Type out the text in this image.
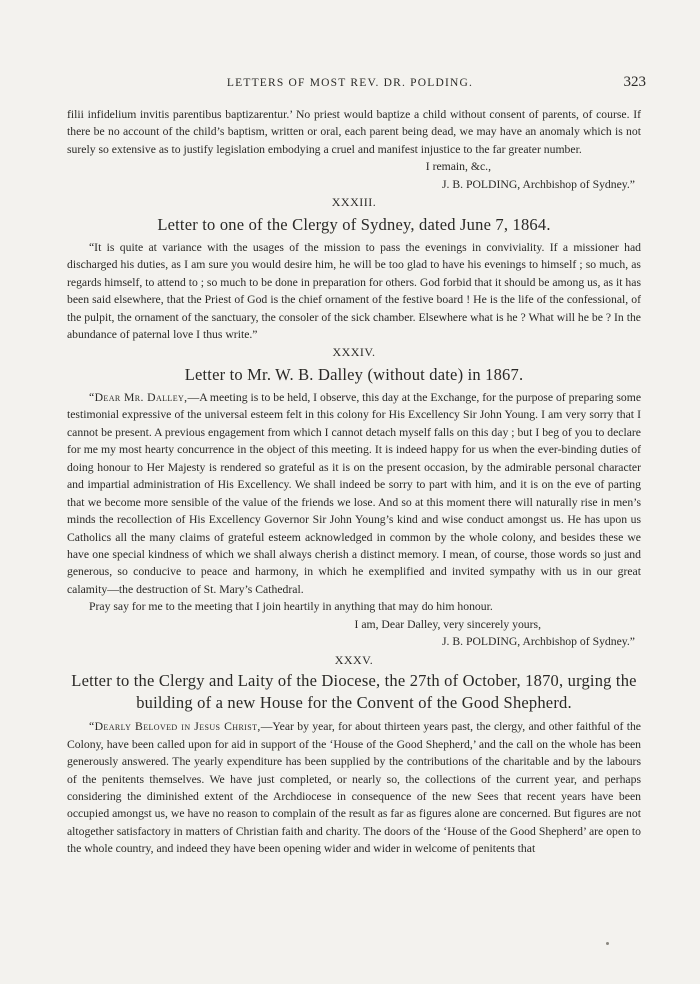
LETTERS OF MOST REV. DR. POLDING.	323

filii infidelium invitis parentibus baptizarentur.’ No priest would baptize a child without consent of parents, of course. If there be no account of the child’s baptism, written or oral, each parent being dead, we may have an anomaly which is not surely so extensive as to justify legislation embodying a cruel and manifest injustice to the far greater number.

I remain, &c.,

J. B. POLDING, Archbishop of Sydney.”

XXXIII.
Letter to one of the Clergy of Sydney, dated June 7, 1864.

“It is quite at variance with the usages of the mission to pass the evenings in conviviality. If a missioner had discharged his duties, as I am sure you would desire him, he will be too glad to have his evenings to himself ; so much, as regards himself, to attend to ; so much to be done in preparation for others. God forbid that it should be among us, as it has been said elsewhere, that the Priest of God is the chief ornament of the festive board ! He is the life of the confessional, of the pulpit, the ornament of the sanctuary, the consoler of the sick chamber. Elsewhere what is he ? What will he be ? In the abundance of paternal love I thus write.”

XXXIV.
Letter to Mr. W. B. Dalley (without date) in 1867.

“Dear Mr. Dalley,—A meeting is to be held, I observe, this day at the Exchange, for the purpose of preparing some testimonial expressive of the universal esteem felt in this colony for His Excellency Sir John Young. I am very sorry that I cannot be present. A previous engagement from which I cannot detach myself falls on this day ; but I beg of you to declare for me my most hearty concurrence in the object of this meeting. It is indeed happy for us when the ever-binding duties of doing honour to Her Majesty is rendered so grateful as it is on the present occasion, by the admirable personal character and impartial administration of His Excellency. We shall indeed be sorry to part with him, and it is on the eve of parting that we become more sensible of the value of the friends we lose. And so at this moment there will naturally rise in men’s minds the recollection of His Excellency Governor Sir John Young’s kind and wise conduct amongst us. He has upon us Catholics all the many claims of grateful esteem acknowledged in common by the whole colony, and besides these we have one special kindness of which we shall always cherish a distinct memory. I mean, of course, those words so just and generous, so conducive to peace and harmony, in which he exemplified and invited sympathy with us in our great calamity—the destruction of St. Mary’s Cathedral.

Pray say for me to the meeting that I join heartily in anything that may do him honour.

I am, Dear Dalley, very sincerely yours,

J. B. POLDING, Archbishop of Sydney.”

XXXV.
Letter to the Clergy and Laity of the Diocese, the 27th of October, 1870, urging the
building of a new House for the Convent of the Good Shepherd.

“Dearly Beloved in Jesus Christ,—Year by year, for about thirteen years past, the clergy, and other faithful of the Colony, have been called upon for aid in support of the ‘House of the Good Shepherd,’ and the call on the whole has been generously answered. The yearly expenditure has been supplied by the contributions of the charitable and by the labours of the penitents themselves. We have just completed, or nearly so, the collections of the current year, and perhaps considering the diminished extent of the Archdiocese in consequence of the new Sees that recent years have been occupied amongst us, we have no reason to complain of the result as far as figures alone are concerned. But figures are not altogether satisfactory in matters of Christian faith and charity. The doors of the ‘House of the Good Shepherd’ are open to the whole country, and indeed they have been opening wider and wider in welcome of penitents that
